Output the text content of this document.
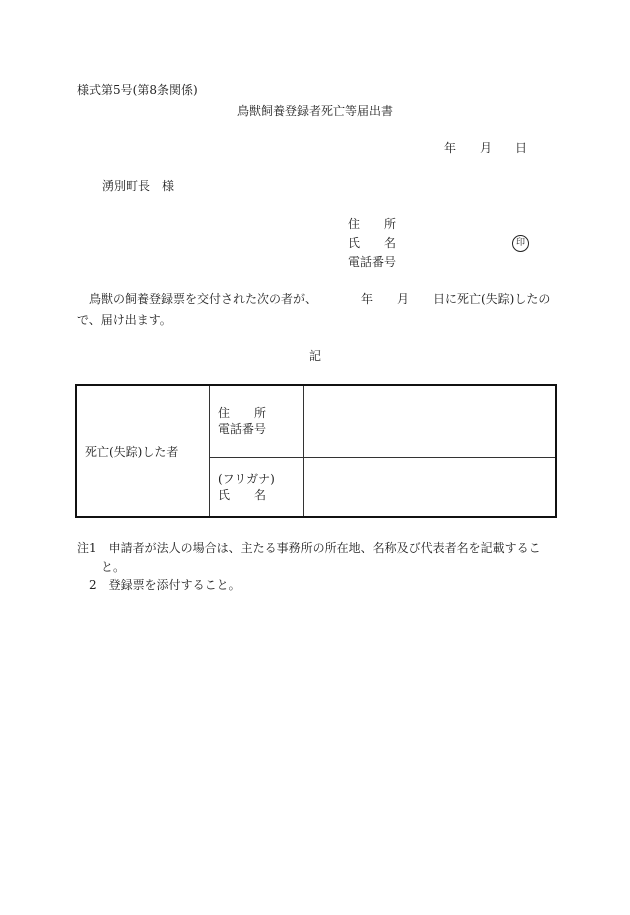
様式第5号(第8条関係)
鳥獣飼養登録者死亡等届出書
年 月 日
湧別町長　様
住　　所
氏　　名	印
電話番号
鳥獣の飼養登録票を交付された次の者が、	年 月 日に死亡(失踪)したの
で、届け出ます。
記
死亡(失踪)した者	住　　所
電話番号	

	(フリガナ)
氏　　名	

注1　申請者が法人の場合は、主たる事務所の所在地、名称及び代表者名を記載するこ
と。
2　登録票を添付すること。
